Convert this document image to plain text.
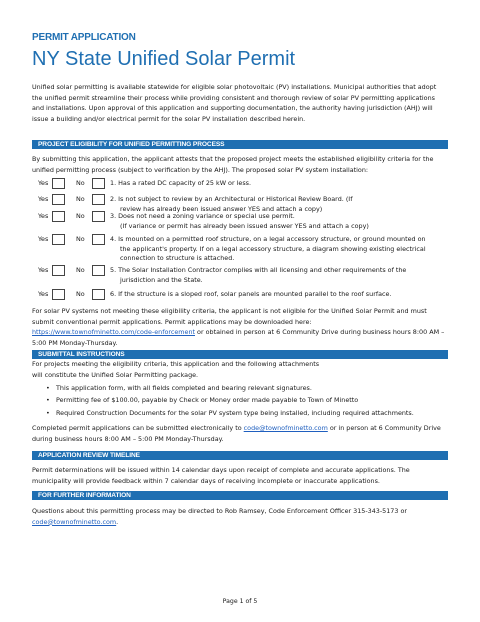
PERMIT APPLICATION
NY State Unified Solar Permit
Unified solar permitting is available statewide for eligible solar photovoltaic (PV) installations. Municipal authorities that adopt the unified permit streamline their process while providing consistent and thorough review of solar PV permitting applications and installations. Upon approval of this application and supporting documentation, the authority having jurisdiction (AHJ) will issue a building and/or electrical permit for the solar PV installation described herein.
PROJECT ELIGIBILITY FOR UNIFIED PERMITTING PROCESS
By submitting this application, the applicant attests that the proposed project meets the established eligibility criteria for the unified permitting process (subject to verification by the AHJ). The proposed solar PV system installation:
Yes	No	1. Has a rated DC capacity of 25 kW or less.
Yes	No	2. Is not subject to review by an Architectural or Historical Review Board. (If
review has already been issued answer YES and attach a copy)
Yes	No	3. Does not need a zoning variance or special use permit.
(If variance or permit has already been issued answer YES and attach a copy)
Yes	No	4. Is mounted on a permitted roof structure, on a legal accessory structure, or ground mounted on
the applicant's property. If on a legal accessory structure, a diagram showing existing electrical connection to structure is attached.
Yes	No	5. The Solar Installation Contractor complies with all licensing and other requirements of the
jurisdiction and the State.
Yes	No	6. If the structure is a sloped roof, solar panels are mounted parallel to the roof surface.
For solar PV systems not meeting these eligibility criteria, the applicant is not eligible for the Unified Solar Permit and must submit conventional permit applications. Permit applications may be downloaded here:
https://www.townofminetto.com/code-enforcement or obtained in person at 6 Community Drive during business hours 8:00 AM – 5:00 PM Monday-Thursday.
SUBMITTAL INSTRUCTIONS
For projects meeting the eligibility criteria, this application and the following attachments will constitute the Unified Solar Permitting package.
• This application form, with all fields completed and bearing relevant signatures.
• Permitting fee of $100.00, payable by Check or Money order made payable to Town of Minetto
• Required Construction Documents for the solar PV system type being installed, including required attachments.
Completed permit applications can be submitted electronically to code@townofminetto.com or in person at 6 Community Drive during business hours 8:00 AM – 5:00 PM Monday-Thursday.
APPLICATION REVIEW TIMELINE
Permit determinations will be issued within 14 calendar days upon receipt of complete and accurate applications. The municipality will provide feedback within 7 calendar days of receiving incomplete or inaccurate applications.
FOR FURTHER INFORMATION
Questions about this permitting process may be directed to Rob Ramsey, Code Enforcement Officer 315-343-5173 or code@townofminetto.com.
Page 1 of 5
